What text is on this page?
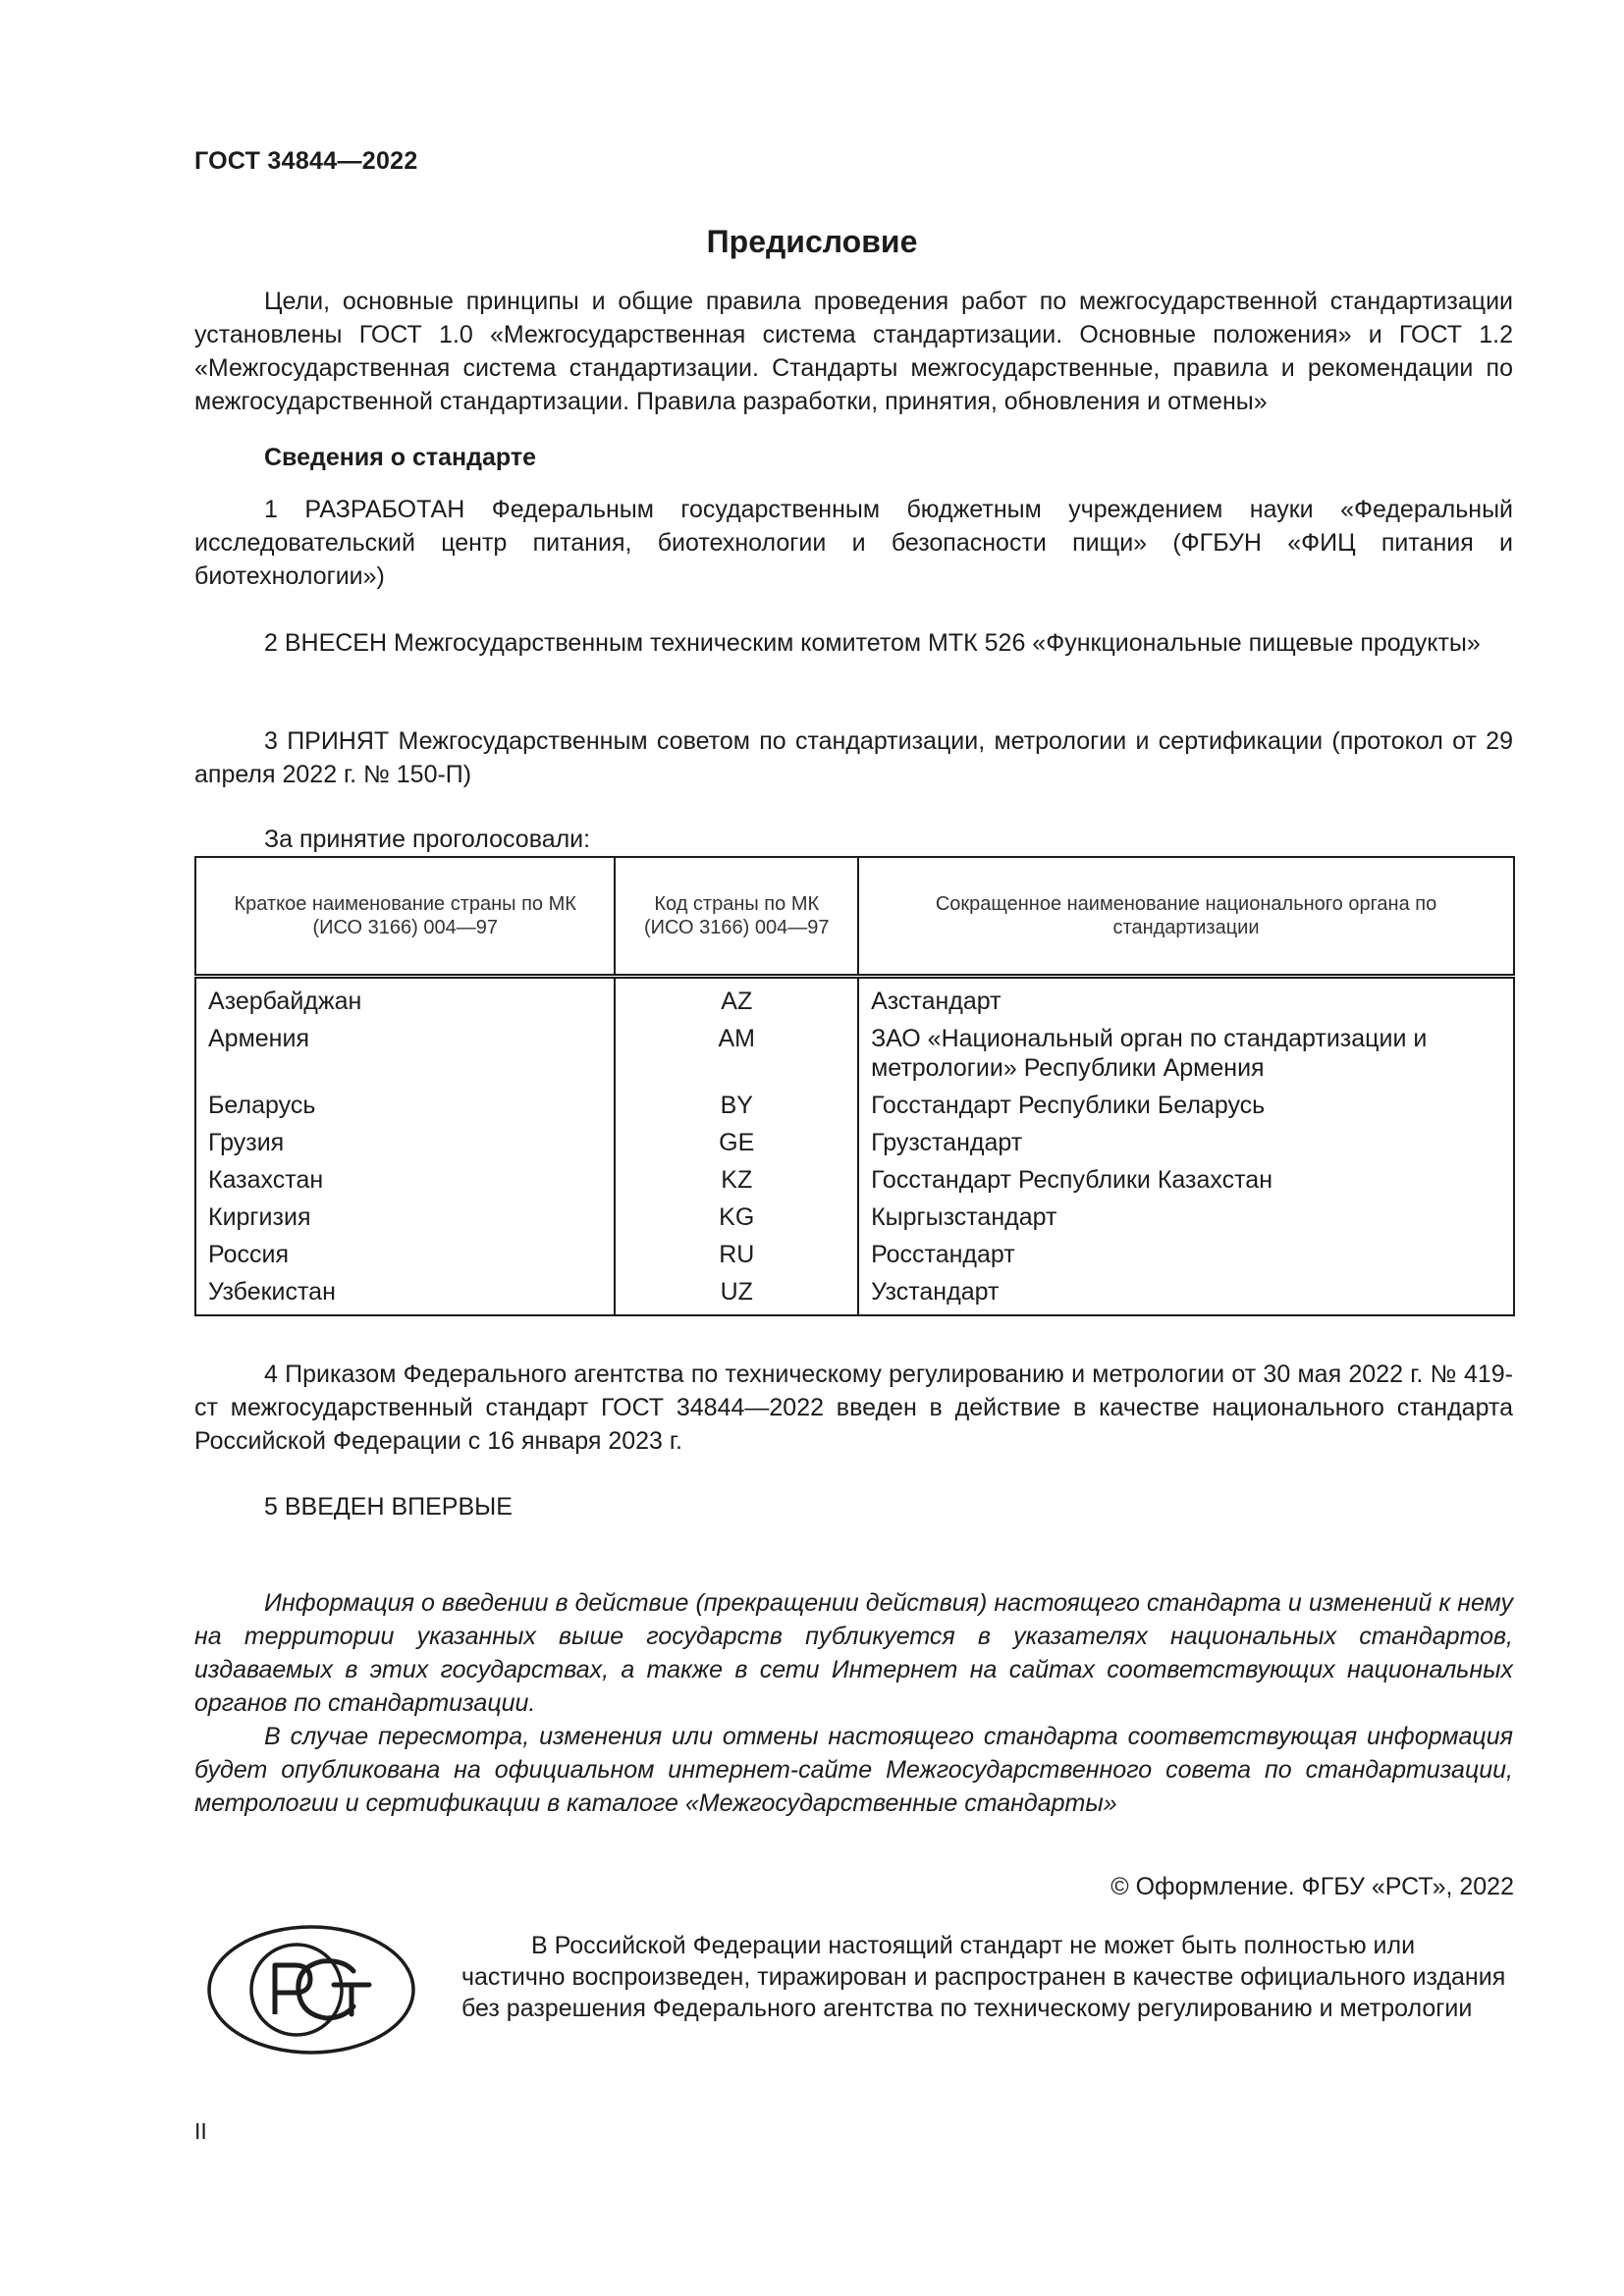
ГОСТ 34844—2022
Предисловие

Цели, основные принципы и общие правила проведения работ по межгосударственной стандартизации установлены ГОСТ 1.0 «Межгосударственная система стандартизации. Основные положения» и ГОСТ 1.2 «Межгосударственная система стандартизации. Стандарты межгосударственные, правила и рекомендации по межгосударственной стандартизации. Правила разработки, принятия, обновления и отмены»

Сведения о стандарте

1 РАЗРАБОТАН Федеральным государственным бюджетным учреждением науки «Федеральный исследовательский центр питания, биотехнологии и безопасности пищи» (ФГБУН «ФИЦ питания и биотехнологии»)

2 ВНЕСЕН Межгосударственным техническим комитетом МТК 526 «Функциональные пищевые продукты»

3 ПРИНЯТ Межгосударственным советом по стандартизации, метрологии и сертификации (протокол от 29 апреля 2022 г. № 150-П)

За принятие проголосовали:
Краткое наименование страны по МК (ИСО 3166) 004—97	Код страны по МК (ИСО 3166) 004—97	Сокращенное наименование национального органа по стандартизации
Азербайджан	AZ	Азстандарт
Армения	AM	ЗАО «Национальный орган по стандартизации и метрологии» Республики Армения
Беларусь	BY	Госстандарт Республики Беларусь
Грузия	GE	Грузстандарт
Казахстан	KZ	Госстандарт Республики Казахстан
Киргизия	KG	Кыргызстандарт
Россия	RU	Росстандарт
Узбекистан	UZ	Узстандарт

4 Приказом Федерального агентства по техническому регулированию и метрологии от 30 мая 2022 г. № 419-ст межгосударственный стандарт ГОСТ 34844—2022 введен в действие в качестве национального стандарта Российской Федерации с 16 января 2023 г.

5 ВВЕДЕН ВПЕРВЫЕ

Информация о введении в действие (прекращении действия) настоящего стандарта и изменений к нему на территории указанных выше государств публикуется в указателях национальных стандартов, издаваемых в этих государствах, а также в сети Интернет на сайтах соответствующих национальных органов по стандартизации.

В случае пересмотра, изменения или отмены настоящего стандарта соответствующая информация будет опубликована на официальном интернет-сайте Межгосударственного совета по стандартизации, метрологии и сертификации в каталоге «Межгосударственные стандарты»

© Оформление. ФГБУ «РСТ», 2022

В Российской Федерации настоящий стандарт не может быть полностью или частично воспроизведен, тиражирован и распространен в качестве официального издания без разрешения Федерального агентства по техническому регулированию и метрологии

II
